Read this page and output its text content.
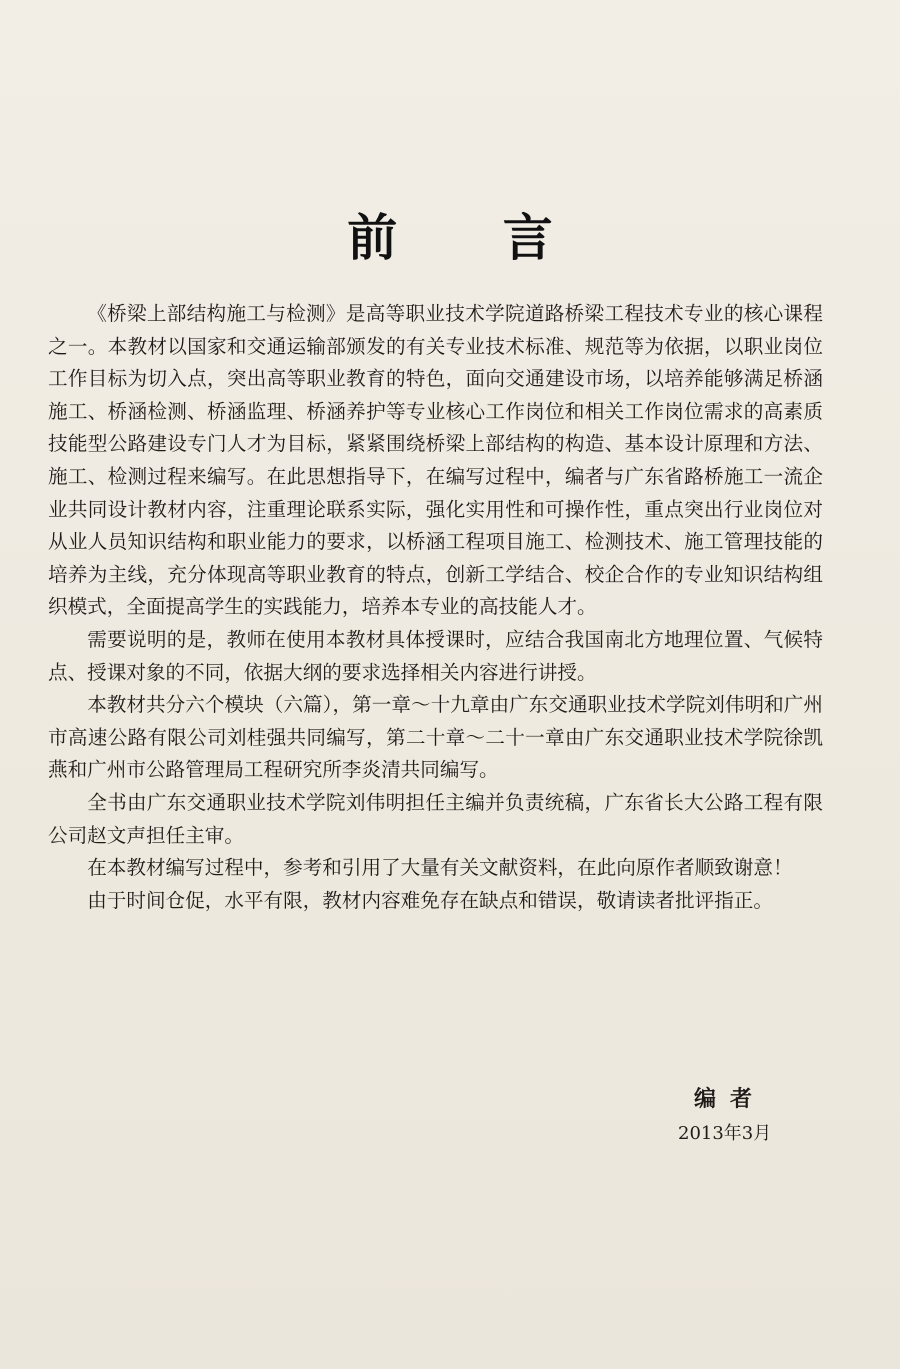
前 言

《桥梁上部结构施工与检测》是高等职业技术学院道路桥梁工程技术专业的核心课程之一。本教材以国家和交通运输部颁发的有关专业技术标准、规范等为依据，以职业岗位工作目标为切入点，突出高等职业教育的特色，面向交通建设市场，以培养能够满足桥涵施工、桥涵检测、桥涵监理、桥涵养护等专业核心工作岗位和相关工作岗位需求的高素质技能型公路建设专门人才为目标，紧紧围绕桥梁上部结构的构造、基本设计原理和方法、施工、检测过程来编写。在此思想指导下，在编写过程中，编者与广东省路桥施工一流企业共同设计教材内容，注重理论联系实际，强化实用性和可操作性，重点突出行业岗位对从业人员知识结构和职业能力的要求，以桥涵工程项目施工、检测技术、施工管理技能的培养为主线，充分体现高等职业教育的特点，创新工学结合、校企合作的专业知识结构组织模式，全面提高学生的实践能力，培养本专业的高技能人才。

需要说明的是，教师在使用本教材具体授课时，应结合我国南北方地理位置、气候特点、授课对象的不同，依据大纲的要求选择相关内容进行讲授。

本教材共分六个模块（六篇），第一章～十九章由广东交通职业技术学院刘伟明和广州市高速公路有限公司刘桂强共同编写，第二十章～二十一章由广东交通职业技术学院徐凯燕和广州市公路管理局工程研究所李炎清共同编写。

全书由广东交通职业技术学院刘伟明担任主编并负责统稿，广东省长大公路工程有限公司赵文声担任主审。

在本教材编写过程中，参考和引用了大量有关文献资料，在此向原作者顺致谢意！

由于时间仓促，水平有限，教材内容难免存在缺点和错误，敬请读者批评指正。

编者
2013年3月
